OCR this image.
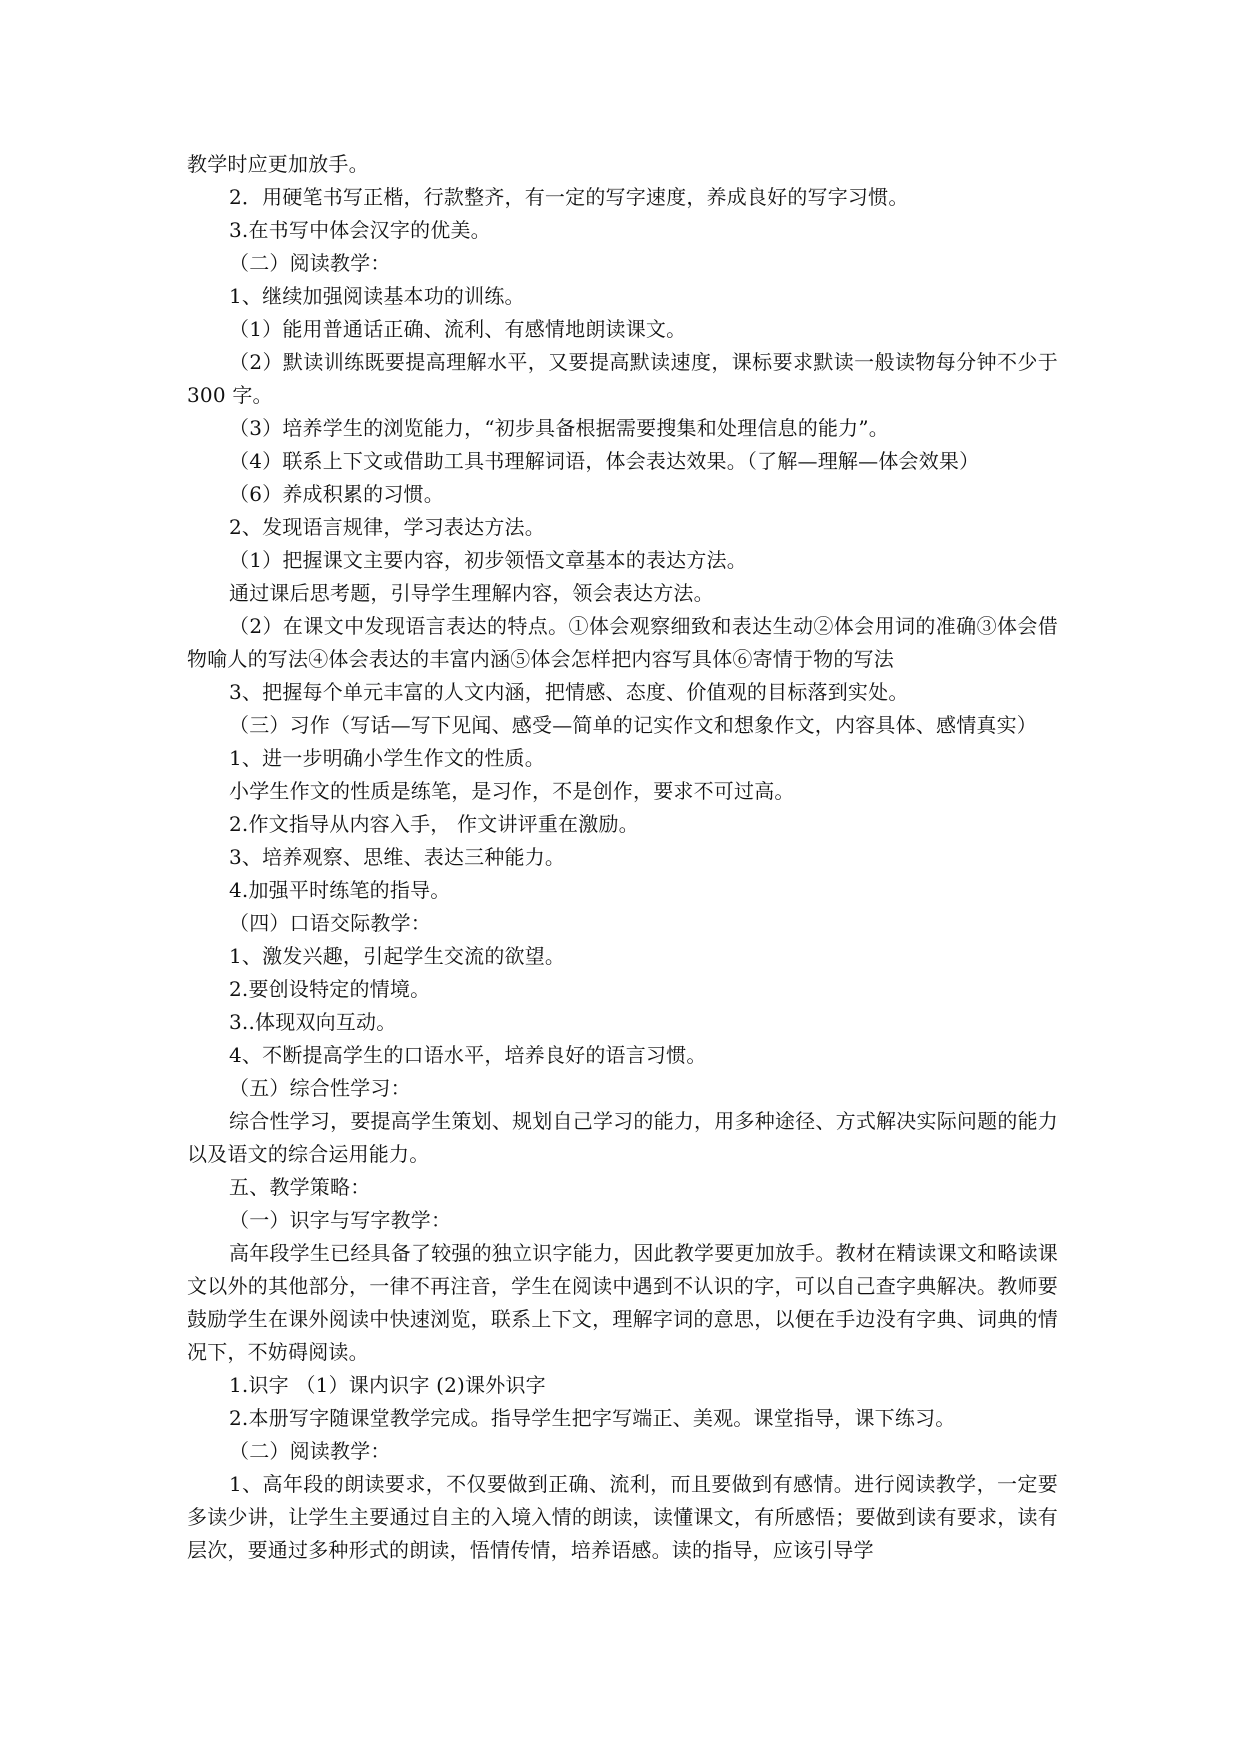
教学时应更加放手。

2．用硬笔书写正楷，行款整齐，有一定的写字速度，养成良好的写字习惯。

3.在书写中体会汉字的优美。

（二）阅读教学：

1、继续加强阅读基本功的训练。

（1）能用普通话正确、流利、有感情地朗读课文。

（2）默读训练既要提高理解水平，又要提高默读速度，课标要求默读一般读物每分钟不少于 300 字。

（3）培养学生的浏览能力，“初步具备根据需要搜集和处理信息的能力”。

（4）联系上下文或借助工具书理解词语，体会表达效果。（了解—理解—体会效果）

（6）养成积累的习惯。

2、发现语言规律，学习表达方法。

（1）把握课文主要内容，初步领悟文章基本的表达方法。

通过课后思考题，引导学生理解内容，领会表达方法。

（2）在课文中发现语言表达的特点。①体会观察细致和表达生动②体会用词的准确③体会借物喻人的写法④体会表达的丰富内涵⑤体会怎样把内容写具体⑥寄情于物的写法

3、把握每个单元丰富的人文内涵，把情感、态度、价值观的目标落到实处。

（三）习作（写话—写下见闻、感受—简单的记实作文和想象作文，内容具体、感情真实）

1、进一步明确小学生作文的性质。

小学生作文的性质是练笔，是习作，不是创作，要求不可过高。

2.作文指导从内容入手， 作文讲评重在激励。

3、培养观察、思维、表达三种能力。

4.加强平时练笔的指导。

（四）口语交际教学：

1、激发兴趣，引起学生交流的欲望。

2.要创设特定的情境。

3..体现双向互动。

4、不断提高学生的口语水平，培养良好的语言习惯。

（五）综合性学习：

综合性学习，要提高学生策划、规划自己学习的能力，用多种途径、方式解决实际问题的能力以及语文的综合运用能力。

五、教学策略：

（一）识字与写字教学：

高年段学生已经具备了较强的独立识字能力，因此教学要更加放手。教材在精读课文和略读课文以外的其他部分，一律不再注音，学生在阅读中遇到不认识的字，可以自己查字典解决。教师要鼓励学生在课外阅读中快速浏览，联系上下文，理解字词的意思，以便在手边没有字典、词典的情况下，不妨碍阅读。

1.识字 （1）课内识字 (2)课外识字

2.本册写字随课堂教学完成。指导学生把字写端正、美观。课堂指导，课下练习。

（二）阅读教学：

1、高年段的朗读要求，不仅要做到正确、流利，而且要做到有感情。进行阅读教学，一定要多读少讲，让学生主要通过自主的入境入情的朗读，读懂课文，有所感悟；要做到读有要求，读有层次，要通过多种形式的朗读，悟情传情，培养语感。读的指导，应该引导学
